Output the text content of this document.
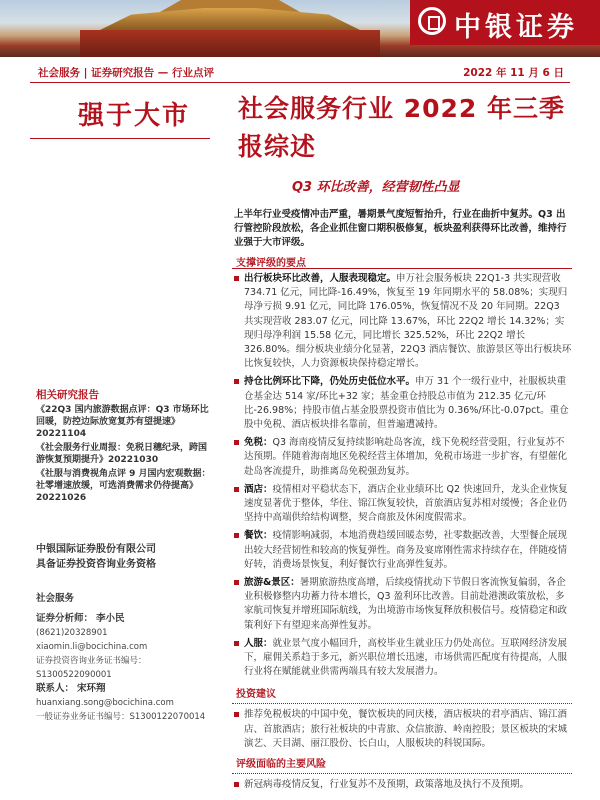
中银证券
社会服务 | 证券研究报告 — 行业点评	2022 年 11 月 6 日
强于大市
相关研究报告
《22Q3 国内旅游数据点评：Q3 市场环比回暖，防控边际放宽复苏有望提速》20221104
《社会服务行业周报：免税日穗纪录，跨国游恢复预期提升》20221030
《社服与消费视角点评 9 月国内宏观数据：社零增速放缓，可选消费需求仍待提高》20221026
中银国际证券股份有限公司
具备证券投资咨询业务资格
社会服务
证券分析师： 李小民
(8621)20328901
xiaomin.li@bocichina.com
证券投资咨询业务证书编号：S1300522090001
联系人： 宋环翔
huanxiang.song@bocichina.com
一般证券业务证书编号：S1300122070014
社会服务行业 2022 年三季报综述
Q3 环比改善，经营韧性凸显
上半年行业受疫情冲击严重，暑期景气度短暂抬升，行业在曲折中复苏。Q3 出行管控阶段放松，各企业抓住窗口期积极修复，板块盈利获得环比改善，维持行业强于大市评级。
支撑评级的要点
出行板块环比改善，人服表现稳定。申万社会服务板块 22Q1-3 共实现营收 734.71 亿元，同比降-16.49%，恢复至 19 年同期水平的 58.08%；实现归母净亏损 9.91 亿元，同比降 176.05%，恢复情况不及 20 年同期。22Q3 共实现营收 283.07 亿元，同比降 13.67%，环比 22Q2 增长 14.32%；实现归母净利润 15.58 亿元，同比增长 325.52%，环比 22Q2 增长 326.80%。细分板块业绩分化显著，22Q3 酒店餐饮、旅游景区等出行板块环比恢复较快，人力资源板块保持稳定增长。
持仓比例环比下降，仍处历史低位水平。申万 31 个一级行业中，社服板块重仓基金达 514 家/环比+32 家；基金重仓持股总市值为 212.35 亿元/环比-26.98%；持股市值占基金股票投资市值比为 0.36%/环比-0.07pct。重仓股中免税、酒店板块排名靠前，但普遍遭减持。
免税：Q3 海南疫情反复持续影响赴岛客流，线下免税经营受阻，行业复苏不达预期。伴随着海南地区免税经营主体增加，免税市场进一步扩容，有望催化赴岛客流提升，助推离岛免税强劲复苏。
酒店：疫情相对平稳状态下，酒店企业业绩环比 Q2 快速回升，龙头企业恢复速度显著优于整体，华住、锦江恢复较快，首旅酒店复苏相对缓慢；各企业仍坚持中高端供给结构调整，契合商旅及休闲度假需求。
餐饮：疫情影响减弱，本地消费趋缓回暖态势，社零数据改善，大型餐企展现出较大经营韧性和较高的恢复弹性。商务及宴席刚性需求持续存在，伴随疫情好转，消费场景恢复，利好餐饮行业高弹性复苏。
旅游&景区：暑期旅游热度高增，后续疫情扰动下节假日客流恢复偏弱，各企业积极修整内功蓄力待本增长，Q3 盈利环比改善。目前赴港澳政策放松，多家航司恢复并增班国际航线，为出境游市场恢复释放积极信号。疫情稳定和政策利好下有望迎来高弹性复苏。
人服：就业景气度小幅回升，高校毕业生就业压力仍处高位。互联网经济发展下，雇佣关系趋于多元，新兴职位增长迅速，市场供需匹配度有待提高，人服行业将在赋能就业供需两端具有较大发展潜力。
投资建议
推荐免税板块的中国中免，餐饮板块的同庆楼，酒店板块的君亭酒店、锦江酒店、首旅酒店；旅行社板块的中青旅、众信旅游、岭南控股；景区板块的宋城演艺、天目湖、丽江股份、长白山，人服板块的科锐国际。
评级面临的主要风险
新冠病毒疫情反复，行业复苏不及预期，政策落地及执行不及预期。
